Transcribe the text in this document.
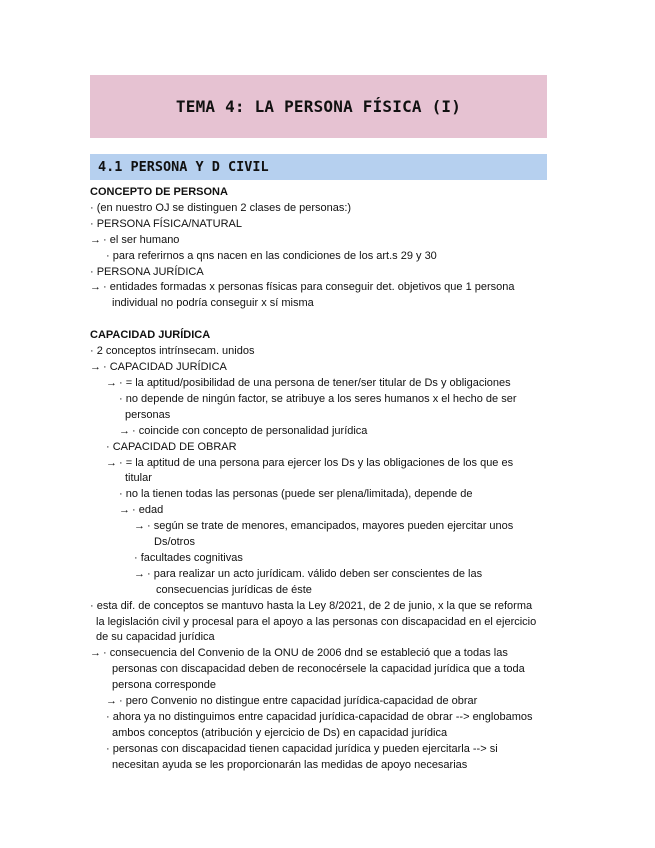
TEMA 4: LA PERSONA FÍSICA (I)
4.1 PERSONA Y D CIVIL
CONCEPTO DE PERSONA
· (en nuestro OJ se distinguen 2 clases de personas:)
· PERSONA FÍSICA/NATURAL
→ · el ser humano
· para referirnos a qns nacen en las condiciones de los art.s 29 y 30
· PERSONA JURÍDICA
→ · entidades formadas x personas físicas para conseguir det. objetivos que 1 persona
individual no podría conseguir x sí misma
CAPACIDAD JURÍDICA
· 2 conceptos intrínsecam. unidos
→ · CAPACIDAD JURÍDICA
→ · = la aptitud/posibilidad de una persona de tener/ser titular de Ds y obligaciones
· no depende de ningún factor, se atribuye a los seres humanos x el hecho de ser
personas
→ · coincide con concepto de personalidad jurídica
· CAPACIDAD DE OBRAR
→ · = la aptitud de una persona para ejercer los Ds y las obligaciones de los que es
titular
· no la tienen todas las personas (puede ser plena/limitada), depende de
→ · edad
→ · según se trate de menores, emancipados, mayores pueden ejercitar unos
Ds/otros
· facultades cognitivas
→ · para realizar un acto jurídicam. válido deben ser conscientes de las
consecuencias jurídicas de éste
· esta dif. de conceptos se mantuvo hasta la Ley 8/2021, de 2 de junio, x la que se reforma
la legislación civil y procesal para el apoyo a las personas con discapacidad en el ejercicio
de su capacidad jurídica
→ · consecuencia del Convenio de la ONU de 2006 dnd se estableció que a todas las
personas con discapacidad deben de reconocérsele la capacidad jurídica que a toda
persona corresponde
→ · pero Convenio no distingue entre capacidad jurídica-capacidad de obrar
· ahora ya no distinguimos entre capacidad jurídica-capacidad de obrar --> englobamos
ambos conceptos (atribución y ejercicio de Ds) en capacidad jurídica
· personas con discapacidad tienen capacidad jurídica y pueden ejercitarla --> si
necesitan ayuda se les proporcionarán las medidas de apoyo necesarias
